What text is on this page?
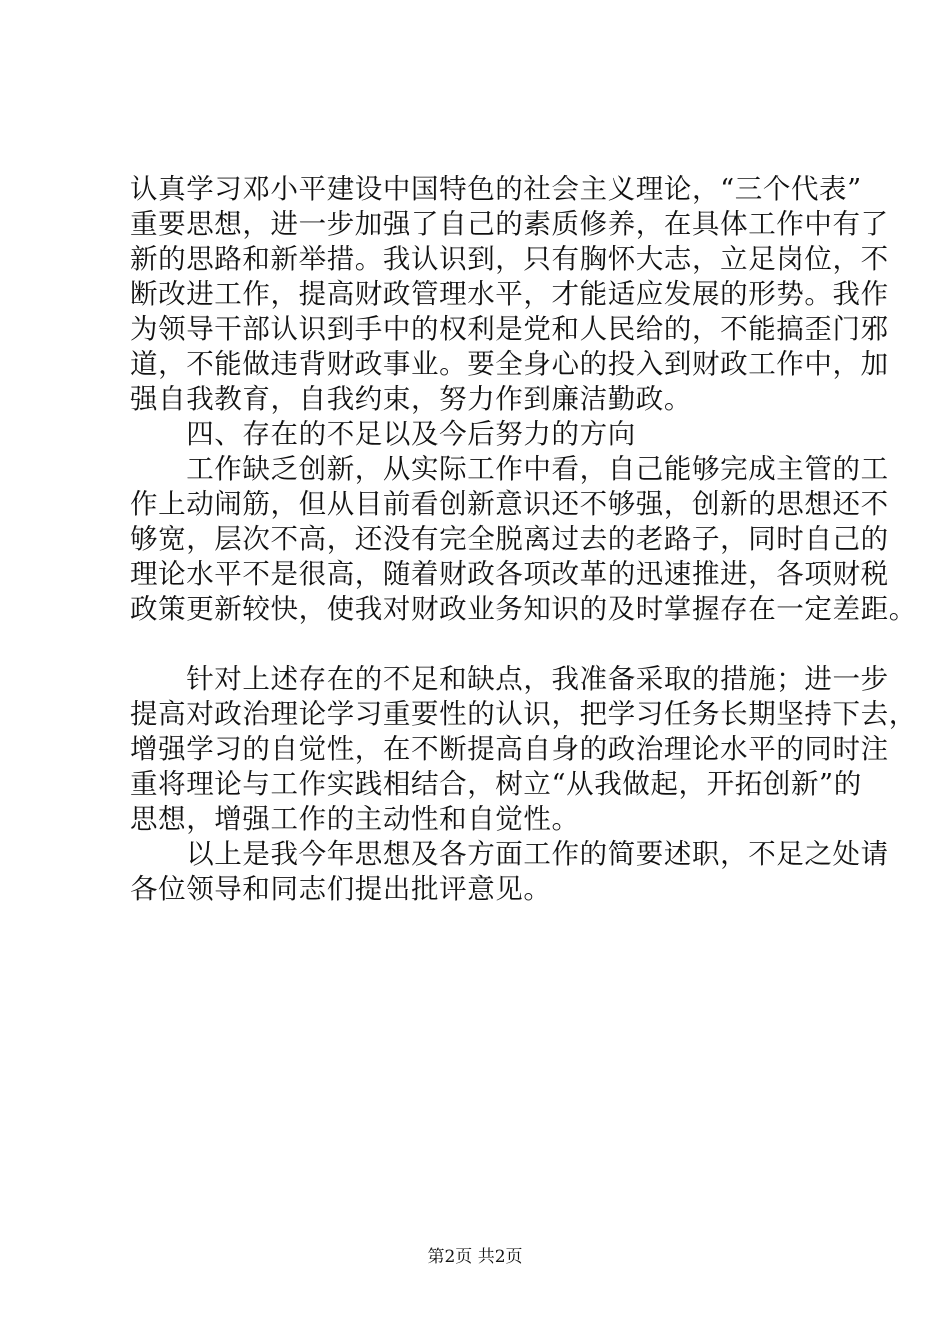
认真学习邓小平建设中国特色的社会主义理论，“三个代表”
重要思想，进一步加强了自己的素质修养，在具体工作中有了
新的思路和新举措。我认识到，只有胸怀大志，立足岗位，不
断改进工作，提高财政管理水平，才能适应发展的形势。我作
为领导干部认识到手中的权利是党和人民给的，不能搞歪门邪
道，不能做违背财政事业。要全身心的投入到财政工作中，加
强自我教育，自我约束，努力作到廉洁勤政。
　　四、存在的不足以及今后努力的方向
　　工作缺乏创新，从实际工作中看，自己能够完成主管的工
作上动闹筋，但从目前看创新意识还不够强，创新的思想还不
够宽，层次不高，还没有完全脱离过去的老路子，同时自己的
理论水平不是很高，随着财政各项改革的迅速推进，各项财税
政策更新较快，使我对财政业务知识的及时掌握存在一定差距。
　　针对上述存在的不足和缺点，我准备采取的措施；进一步
提高对政治理论学习重要性的认识，把学习任务长期坚持下去，
增强学习的自觉性，在不断提高自身的政治理论水平的同时注
重将理论与工作实践相结合，树立“从我做起，开拓创新”的
思想，增强工作的主动性和自觉性。
　　以上是我今年思想及各方面工作的简要述职，不足之处请
各位领导和同志们提出批评意见。
第2页 共2页
